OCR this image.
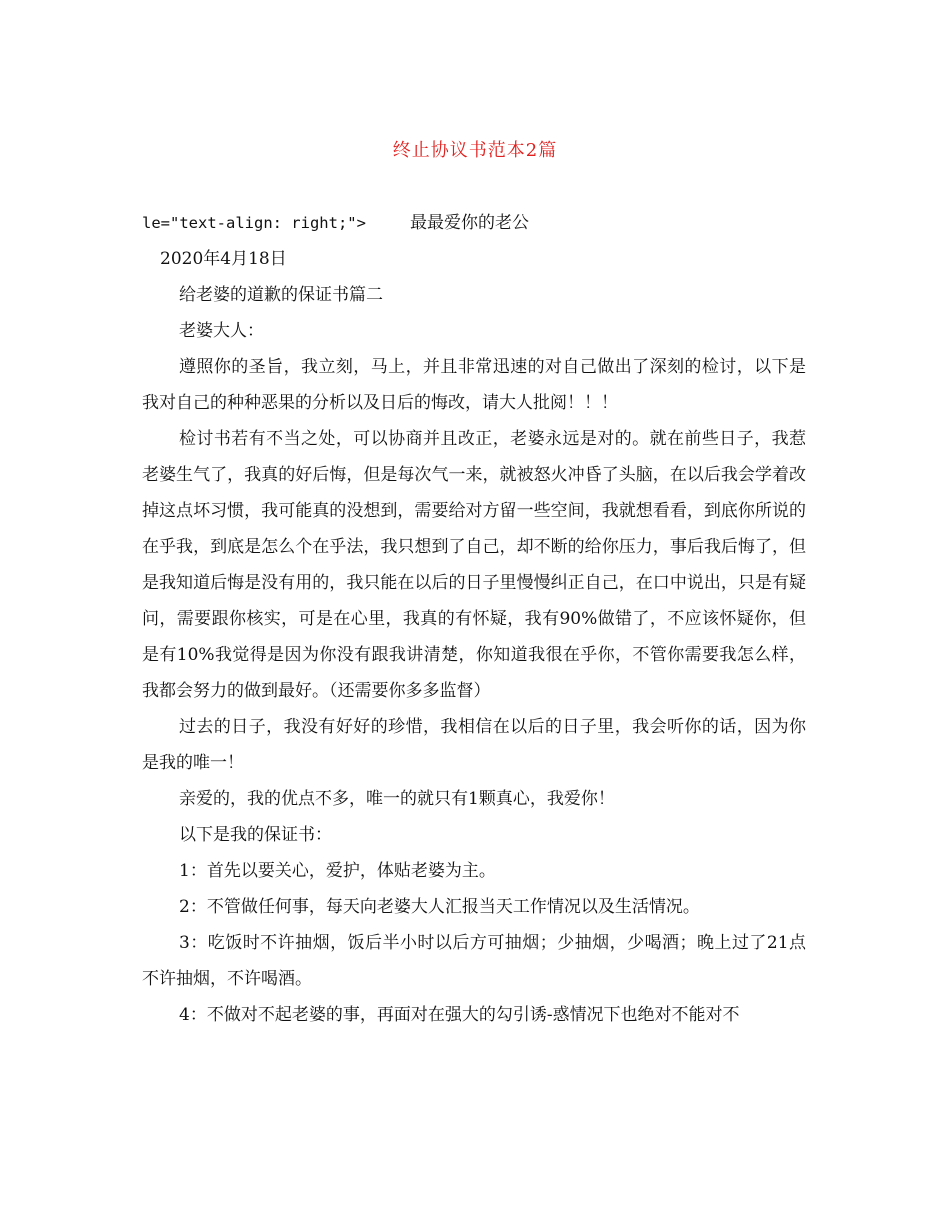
终止协议书范本2篇
le="text-align: right;">	最最爱你的老公
2020年4月18日
给老婆的道歉的保证书篇二
老婆大人：
遵照你的圣旨，我立刻，马上，并且非常迅速的对自己做出了深刻的检讨，以下是我对自己的种种恶果的分析以及日后的悔改，请大人批阅！！！
检讨书若有不当之处，可以协商并且改正，老婆永远是对的。就在前些日子，我惹老婆生气了，我真的好后悔，但是每次气一来，就被怒火冲昏了头脑，在以后我会学着改掉这点坏习惯，我可能真的没想到，需要给对方留一些空间，我就想看看，到底你所说的在乎我，到底是怎么个在乎法，我只想到了自己，却不断的给你压力，事后我后悔了，但是我知道后悔是没有用的，我只能在以后的日子里慢慢纠正自己，在口中说出，只是有疑问，需要跟你核实，可是在心里，我真的有怀疑，我有90%做错了，不应该怀疑你，但是有10%我觉得是因为你没有跟我讲清楚，你知道我很在乎你，不管你需要我怎么样，我都会努力的做到最好。（还需要你多多监督）
过去的日子，我没有好好的珍惜，我相信在以后的日子里，我会听你的话，因为你是我的唯一！
亲爱的，我的优点不多，唯一的就只有1颗真心，我爱你！
以下是我的保证书：
1：首先以要关心，爱护，体贴老婆为主。
2：不管做任何事，每天向老婆大人汇报当天工作情况以及生活情况。
3：吃饭时不许抽烟，饭后半小时以后方可抽烟；少抽烟，少喝酒；晚上过了21点不许抽烟，不许喝酒。
4：不做对不起老婆的事，再面对在强大的勾引诱-惑情况下也绝对不能对不
